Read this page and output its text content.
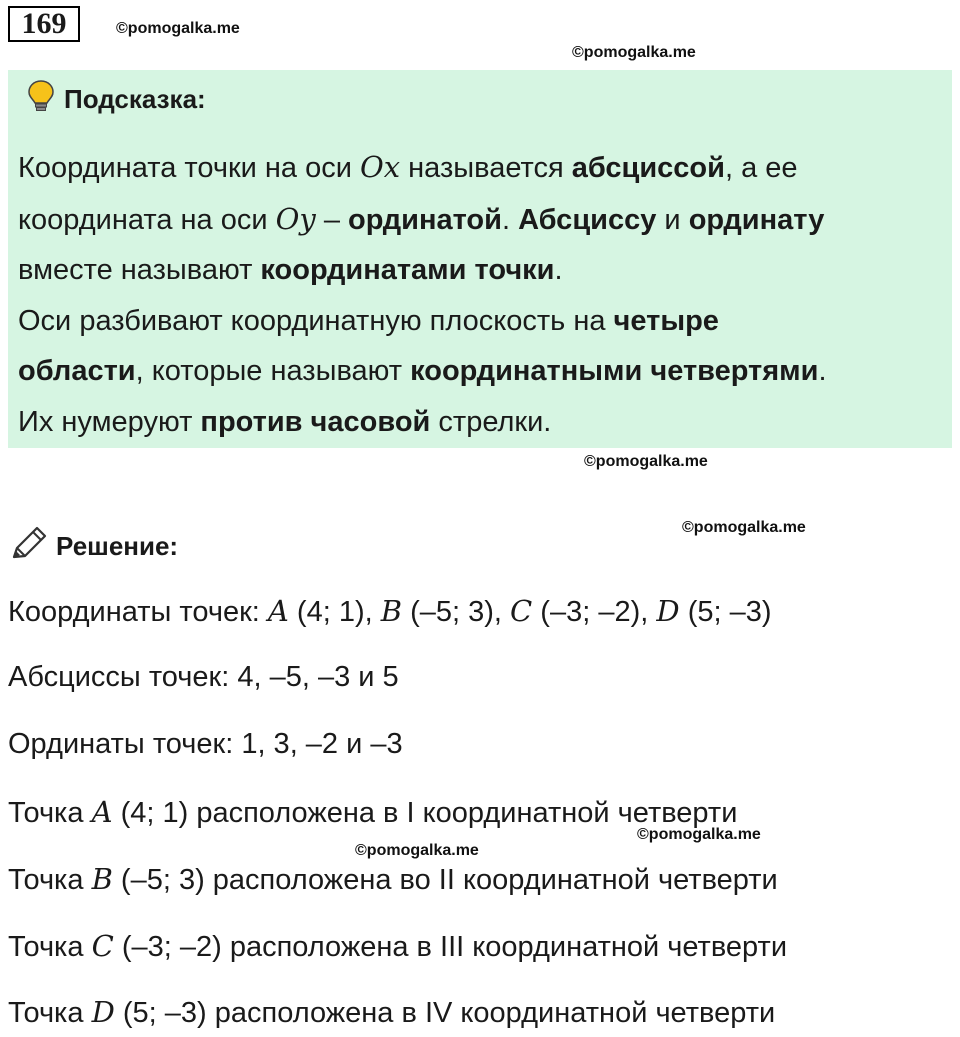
169	©pomogalka.me
©pomogalka.me
©pomogalka.me
©pomogalka.me
©pomogalka.me
©pomogalka.me
Подсказка:

Координата точки на оси Ox называется абсциссой, а ее
координата на оси Oy – ординатой. Абсциссу и ординату
вместе называют координатами точки.
Оси разбивают координатную плоскость на четыре
области, которые называют координатными четвертями.
Их нумеруют против часовой стрелки.

Решение:
Координаты точек: A (4; 1), B (–5; 3), C (–3; –2), D (5; –3)
Абсциссы точек: 4, –5, –3 и 5
Ординаты точек: 1, 3, –2 и –3
Точка A (4; 1) расположена в I координатной четверти
Точка B (–5; 3) расположена во II координатной четверти
Точка C (–3; –2) расположена в III координатной четверти
Точка D (5; –3) расположена в IV координатной четверти
